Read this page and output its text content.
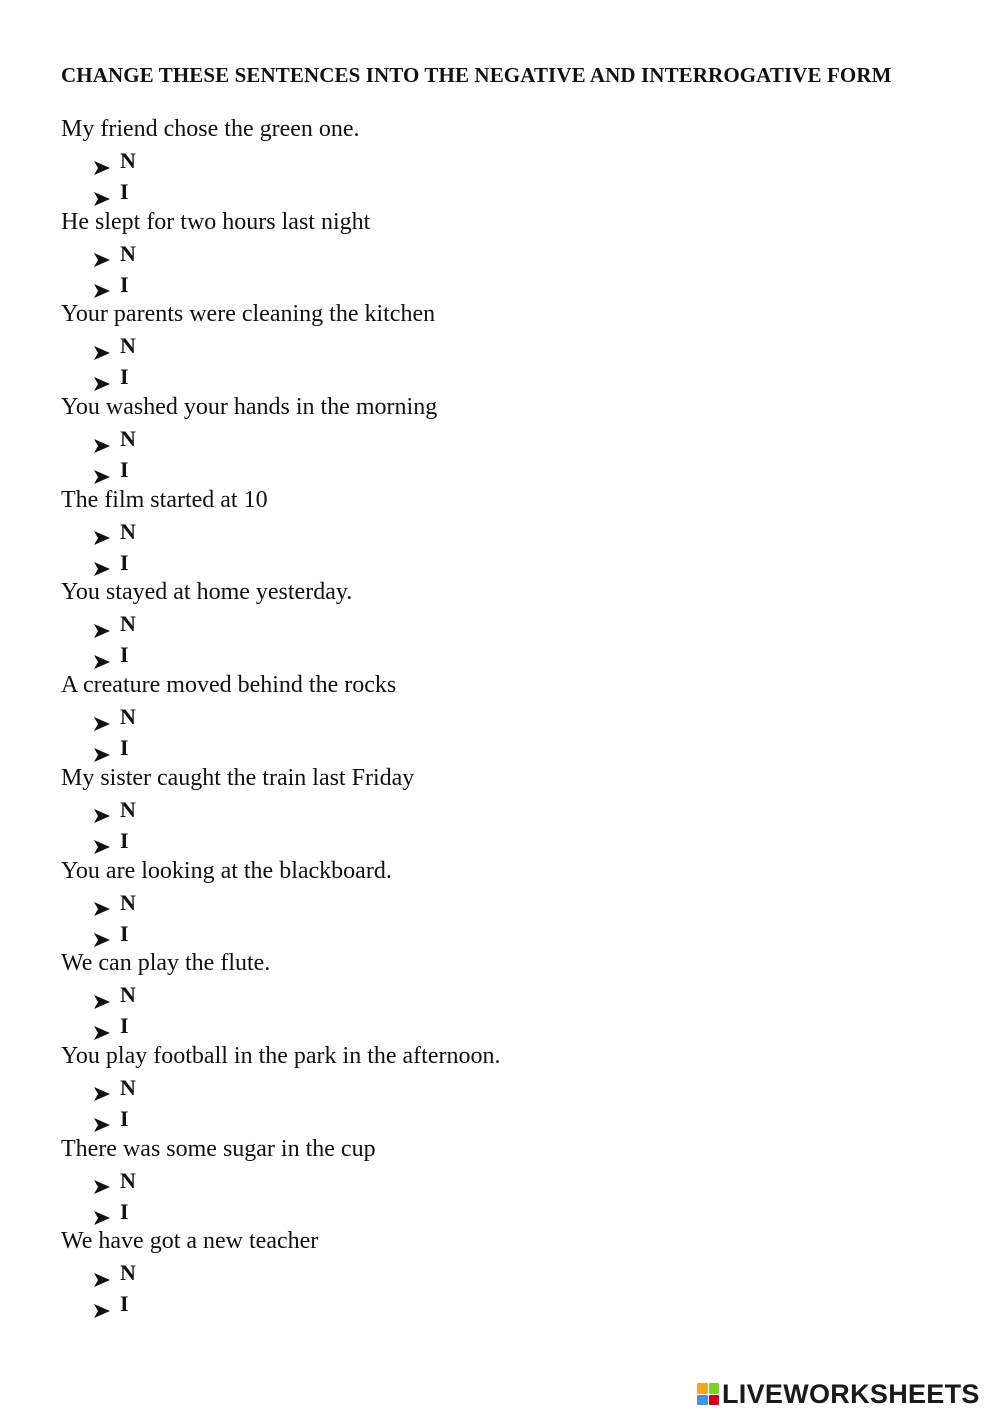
CHANGE THESE SENTENCES INTO THE NEGATIVE AND INTERROGATIVE FORM
My friend chose the green one.
N
I
He slept for two hours last night
N
I
Your parents were cleaning the kitchen
N
I
You washed your hands in the morning
N
I
The film started at 10
N
I
You stayed at home yesterday.
N
I
A creature moved behind the rocks
N
I
My sister caught the train last Friday
N
I
You are looking at the blackboard.
N
I
We can play the flute.
N
I
You play football in the park in the afternoon.
N
I
There was some sugar in the cup
N
I
We have got a new teacher
N
I
LIVEWORKSHEETS
